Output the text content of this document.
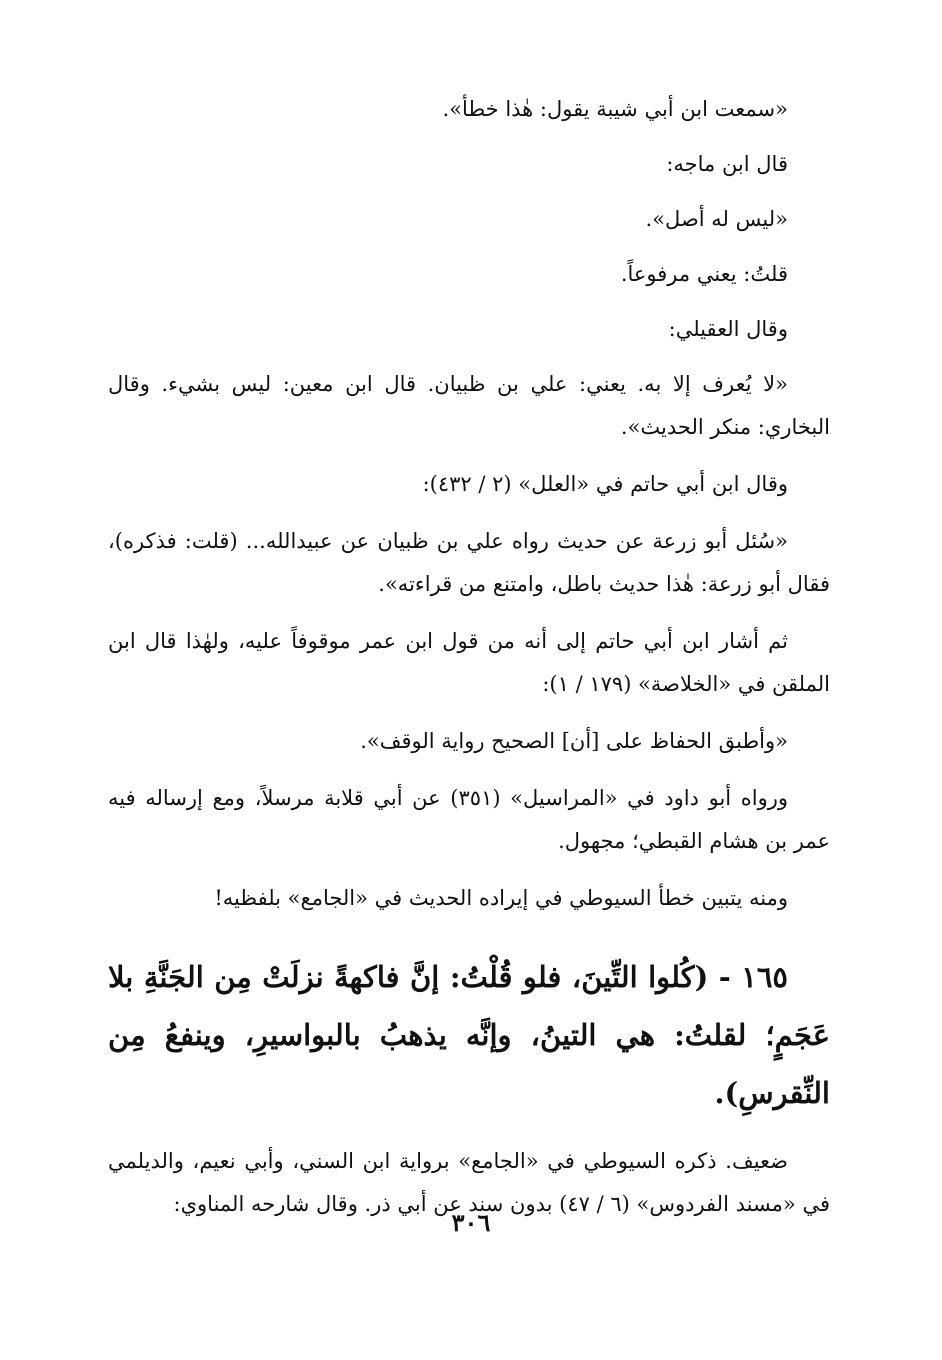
«سمعت ابن أبي شيبة يقول: هٰذا خطأ».

قال ابن ماجه:

«ليس له أصل».

قلتُ: يعني مرفوعاً.

وقال العقيلي:

«لا يُعرف إلا به. يعني: علي بن ظبيان. قال ابن معين: ليس بشيء. وقال البخاري: منكر الحديث».

وقال ابن أبي حاتم في «العلل» (٢ / ٤٣٢):

«سُئل أبو زرعة عن حديث رواه علي بن ظبيان عن عبيدالله... (قلت: فذكره)، فقال أبو زرعة: هٰذا حديث باطل، وامتنع من قراءته».

ثم أشار ابن أبي حاتم إلى أنه من قول ابن عمر موقوفاً عليه، ولهٰذا قال ابن الملقن في «الخلاصة» (١٧٩ / ١):

«وأطبق الحفاظ على [أن] الصحيح رواية الوقف».

ورواه أبو داود في «المراسيل» (٣٥١) عن أبي قلابة مرسلاً، ومع إرساله فيه عمر بن هشام القبطي؛ مجهول.

ومنه يتبين خطأ السيوطي في إيراده الحديث في «الجامع» بلفظيه!

١٦٥ - (كُلوا التِّينَ، فلو قُلْتُ: إنَّ فاكهةً نزلَتْ مِن الجَنَّةِ بلا عَجَمٍ؛ لقلتُ: هي التينُ، وإنَّه يذهبُ بالبواسيرِ، وينفعُ مِن النِّقرسِ).

ضعيف. ذكره السيوطي في «الجامع» برواية ابن السني، وأبي نعيم، والديلمي في «مسند الفردوس» (٦ / ٤٧) بدون سند عن أبي ذر. وقال شارحه المناوي:

٣٠٦
